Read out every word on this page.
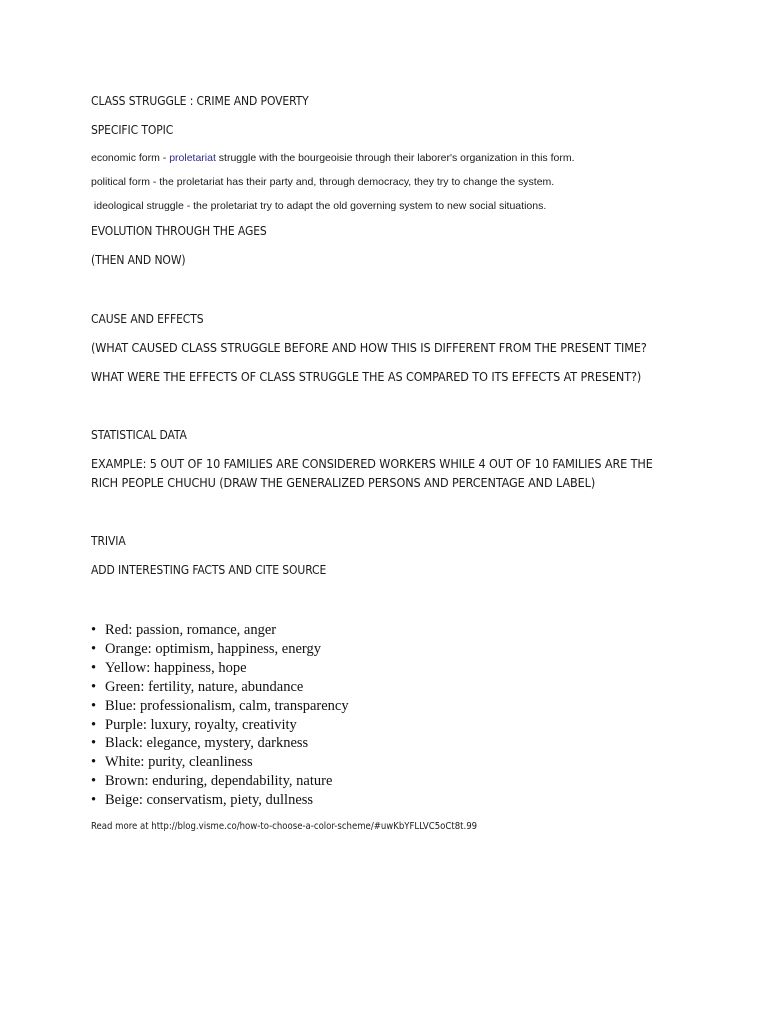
CLASS STRUGGLE : CRIME AND POVERTY

SPECIFIC TOPIC

economic form - proletariat struggle with the bourgeoisie through their laborer's organization in this form.

political form - the proletariat has their party and, through democracy, they try to change the system.

ideological struggle - the proletariat try to adapt the old governing system to new social situations.

EVOLUTION THROUGH THE AGES

(THEN AND NOW)

CAUSE AND EFFECTS

(WHAT CAUSED CLASS STRUGGLE BEFORE AND HOW THIS IS DIFFERENT FROM THE PRESENT TIME?

WHAT WERE THE EFFECTS OF CLASS STRUGGLE THE AS COMPARED TO ITS EFFECTS AT PRESENT?)

STATISTICAL DATA

EXAMPLE: 5 OUT OF 10 FAMILIES ARE CONSIDERED WORKERS WHILE 4 OUT OF 10 FAMILIES ARE THE

RICH PEOPLE CHUCHU (DRAW THE GENERALIZED PERSONS AND PERCENTAGE AND LABEL)

TRIVIA

ADD INTERESTING FACTS AND CITE SOURCE

• Red: passion, romance, anger
• Orange: optimism, happiness, energy
• Yellow: happiness, hope
• Green: fertility, nature, abundance
• Blue: professionalism, calm, transparency
• Purple: luxury, royalty, creativity
• Black: elegance, mystery, darkness
• White: purity, cleanliness
• Brown: enduring, dependability, nature
• Beige: conservatism, piety, dullness

Read more at http://blog.visme.co/how-to-choose-a-color-scheme/#uwKbYFLLVC5oCt8t.99
